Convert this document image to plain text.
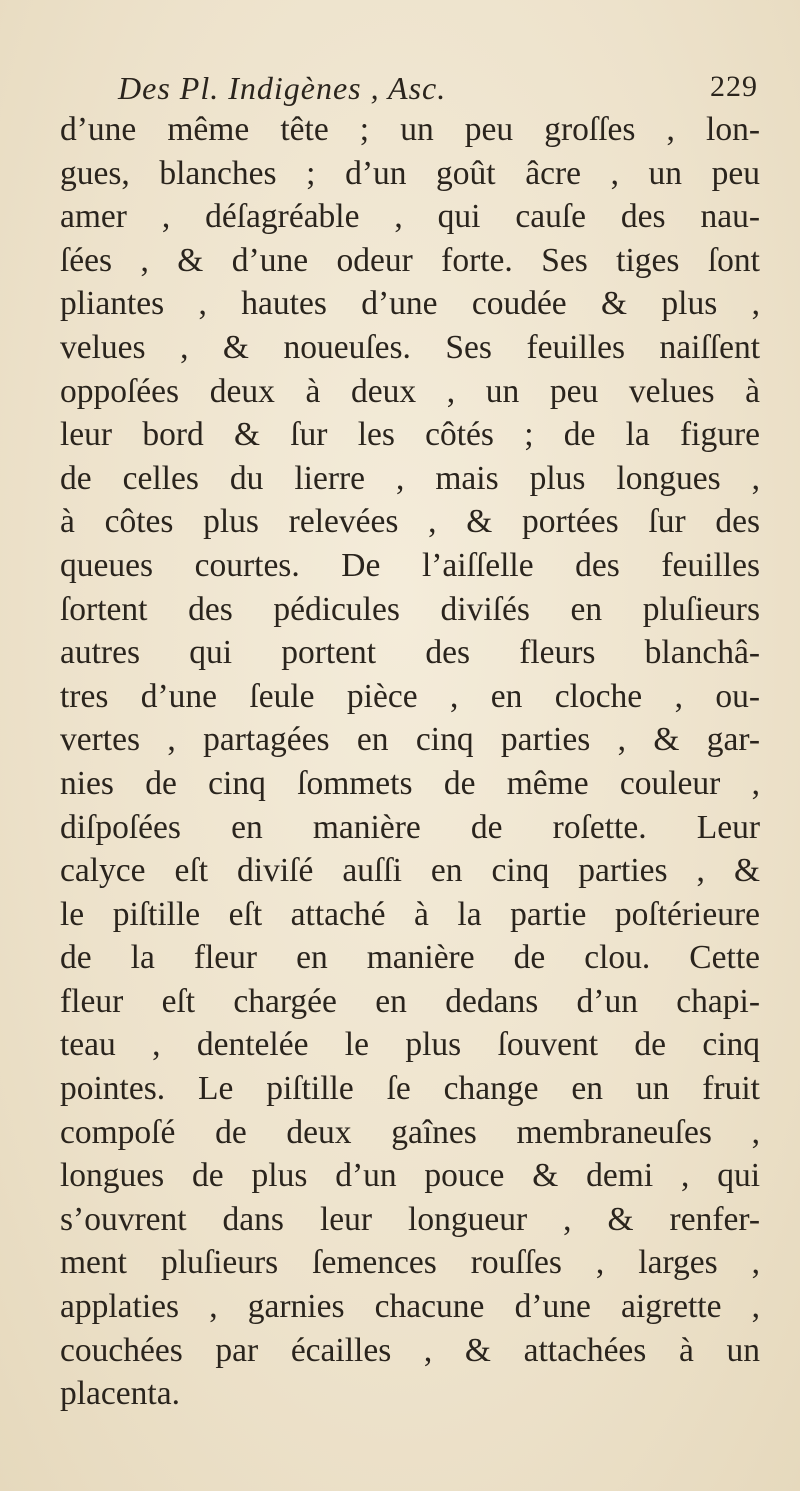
Des Pl. Indigènes , Asc.	229
d’une même tête ; un peu groſſes , lon-
gues, blanches ; d’un goût âcre , un peu
amer , déſagréable , qui cauſe des nau-
ſées , & d’une odeur forte. Ses tiges ſont
pliantes , hautes d’une coudée & plus ,
velues , & noueuſes. Ses feuilles naiſſent
oppoſées deux à deux , un peu velues à
leur bord & ſur les côtés ; de la figure
de celles du lierre , mais plus longues ,
à côtes plus relevées , & portées ſur des
queues courtes. De l’aiſſelle des feuilles
ſortent des pédicules diviſés en pluſieurs
autres qui portent des fleurs blanchâ-
tres d’une ſeule pièce , en cloche , ou-
vertes , partagées en cinq parties , & gar-
nies de cinq ſommets de même couleur ,
diſpoſées en manière de roſette. Leur
calyce eſt diviſé auſſi en cinq parties , &
le piſtille eſt attaché à la partie poſtérieure
de la fleur en manière de clou. Cette
fleur eſt chargée en dedans d’un chapi-
teau , dentelée le plus ſouvent de cinq
pointes. Le piſtille ſe change en un fruit
compoſé de deux gaînes membraneuſes ,
longues de plus d’un pouce & demi , qui
s’ouvrent dans leur longueur , & renfer-
ment pluſieurs ſemences rouſſes , larges ,
applaties , garnies chacune d’une aigrette ,
couchées par écailles , & attachées à un
placenta.
